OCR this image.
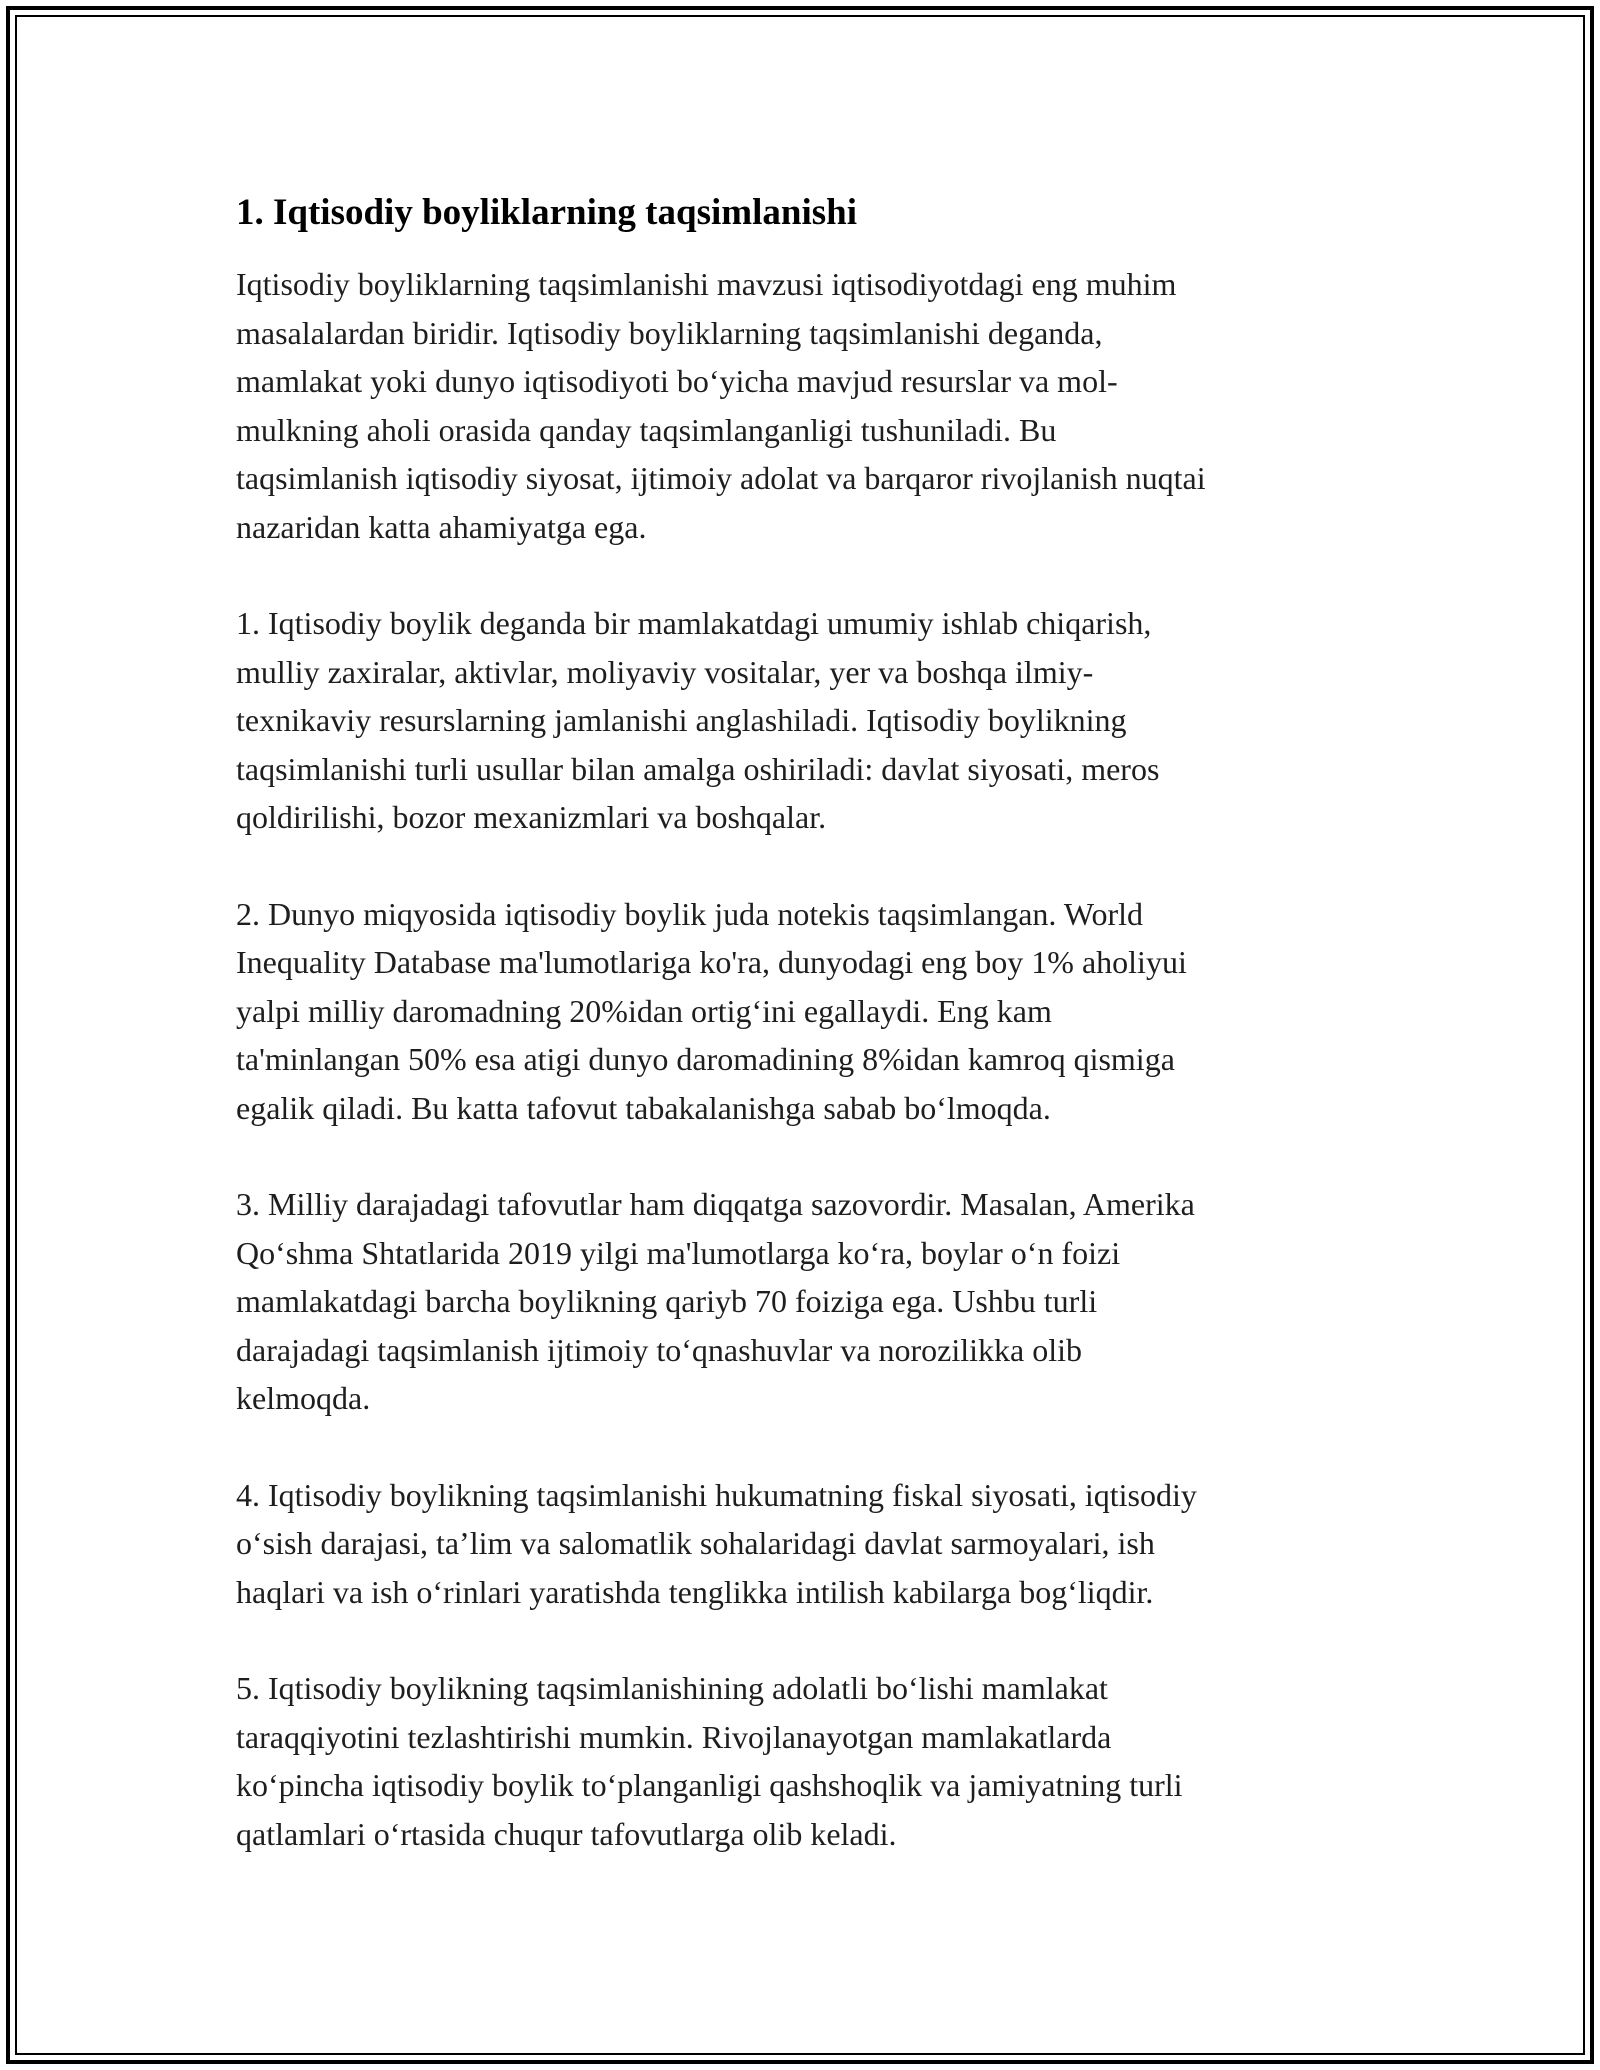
1. Iqtisodiy boyliklarning taqsimlanishi

Iqtisodiy boyliklarning taqsimlanishi mavzusi iqtisodiyotdagi eng muhim
masalalardan biridir. Iqtisodiy boyliklarning taqsimlanishi deganda,
mamlakat yoki dunyo iqtisodiyoti bo‘yicha mavjud resurslar va mol-
mulkning aholi orasida qanday taqsimlanganligi tushuniladi. Bu
taqsimlanish iqtisodiy siyosat, ijtimoiy adolat va barqaror rivojlanish nuqtai
nazaridan katta ahamiyatga ega.

1. Iqtisodiy boylik deganda bir mamlakatdagi umumiy ishlab chiqarish,
mulliy zaxiralar, aktivlar, moliyaviy vositalar, yer va boshqa ilmiy-
texnikaviy resurslarning jamlanishi anglashiladi. Iqtisodiy boylikning
taqsimlanishi turli usullar bilan amalga oshiriladi: davlat siyosati, meros
qoldirilishi, bozor mexanizmlari va boshqalar.

2. Dunyo miqyosida iqtisodiy boylik juda notekis taqsimlangan. World
Inequality Database ma'lumotlariga ko'ra, dunyodagi eng boy 1% aholiyui
yalpi milliy daromadning 20%idan ortig‘ini egallaydi. Eng kam
ta'minlangan 50% esa atigi dunyo daromadining 8%idan kamroq qismiga
egalik qiladi. Bu katta tafovut tabakalanishga sabab bo‘lmoqda.

3. Milliy darajadagi tafovutlar ham diqqatga sazovordir. Masalan, Amerika
Qo‘shma Shtatlarida 2019 yilgi ma'lumotlarga ko‘ra, boylar o‘n foizi
mamlakatdagi barcha boylikning qariyb 70 foiziga ega. Ushbu turli
darajadagi taqsimlanish ijtimoiy to‘qnashuvlar va norozilikka olib
kelmoqda.

4. Iqtisodiy boylikning taqsimlanishi hukumatning fiskal siyosati, iqtisodiy
o‘sish darajasi, ta’lim va salomatlik sohalaridagi davlat sarmoyalari, ish
haqlari va ish o‘rinlari yaratishda tenglikka intilish kabilarga bog‘liqdir.

5. Iqtisodiy boylikning taqsimlanishining adolatli bo‘lishi mamlakat
taraqqiyotini tezlashtirishi mumkin. Rivojlanayotgan mamlakatlarda
ko‘pincha iqtisodiy boylik to‘planganligi qashshoqlik va jamiyatning turli
qatlamlari o‘rtasida chuqur tafovutlarga olib keladi.
